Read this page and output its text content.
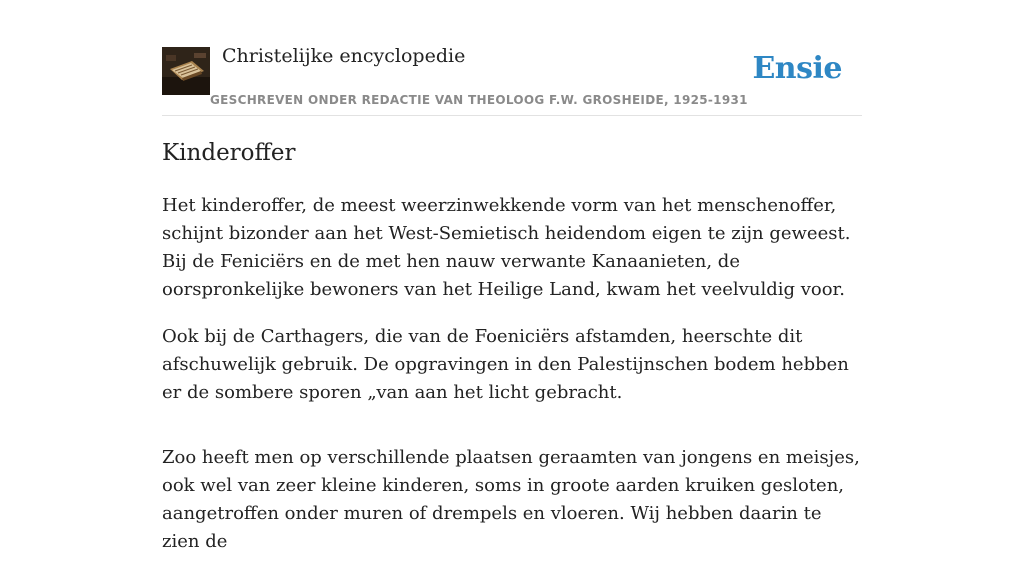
Christelijke encyclopedie
GESCHREVEN ONDER REDACTIE VAN THEOLOOG F.W. GROSHEIDE, 1925-1931
Ensie
Kinderoffer

Het kinderoffer, de meest weerzinwekkende vorm van het menschenoffer, schijnt bizonder aan het West-Semietisch heidendom eigen te zijn geweest. Bij de Feniciërs en de met hen nauw verwante Kanaanieten, de oorspronkelijke bewoners van het Heilige Land, kwam het veelvuldig voor.

Ook bij de Carthagers, die van de Foeniciërs afstamden, heerschte dit afschuwelijk gebruik. De opgravingen in den Palestijnschen bodem hebben er de sombere sporen „van aan het licht gebracht.

Zoo heeft men op verschillende plaatsen geraamten van jongens en meisjes, ook wel van zeer kleine kinderen, soms in groote aarden kruiken gesloten, aangetroffen onder muren of drempels en vloeren. Wij hebben daarin te zien de
